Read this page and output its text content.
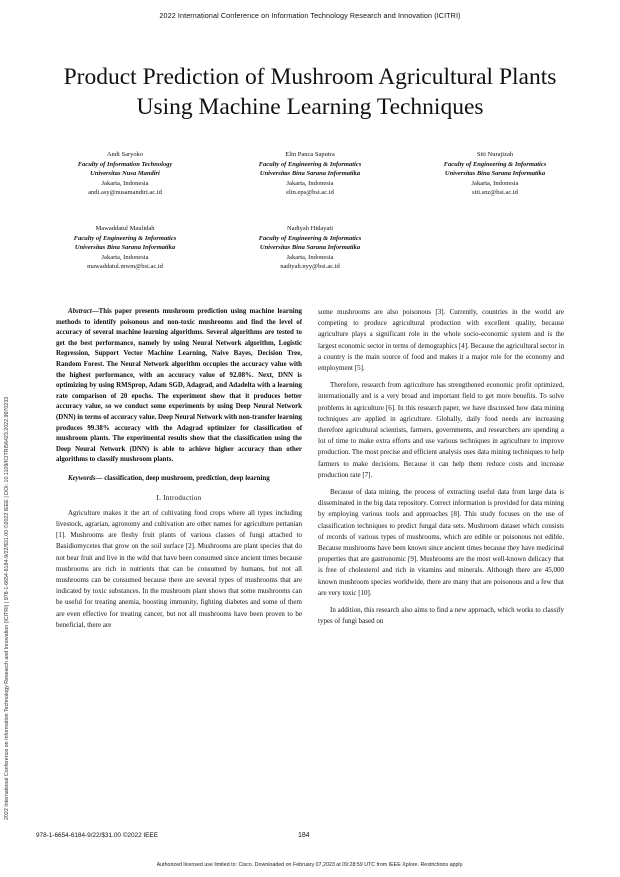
2022 International Conference on Information Technology Research and Innovation (ICITRI)
2022 International Conference on Information Technology Research and Innovation (ICITRI) | 978-1-6654-6184-9/22/$31.00 ©2022 IEEE | DOI: 10.1109/ICITRI56423.2022.9970233
Product Prediction of Mushroom Agricultural Plants Using Machine Learning Techniques
Andi Saryoko
Faculty of Information Technology
Universitas Nusa Mandiri
Jakarta, Indonesia
andi.asy@nusamandiri.ac.id
Elin Panca Saputra
Faculty of Engineering & Informatics
Universitas Bina Sarana Informatika
Jakarta, Indonesia
elin.eps@bsi.ac.id
Siti Nurajizah
Faculty of Engineering & Informatics
Universitas Bina Sarana Informatika
Jakarta, Indonesia
siti.snz@bsi.ac.id
Mawaddatul Maulidah
Faculty of Engineering & Informatics
Universitas Bina Sarana Informatika
Jakarta, Indonesia
mawaddatul.mwm@bsi.ac.id
Nadiyah Hidayati
Faculty of Engineering & Informatics
Universitas Bina Sarana Informatika
Jakarta, Indonesia
nadiyah.nyy@bsi.ac.id

Abstract—This paper presents mushroom prediction using machine learning methods to identify poisonous and non-toxic mushrooms and find the level of accuracy of several machine learning algorithms. Several algorithms are tested to get the best performance, namely by using Neural Network algorithm, Logistic Regression, Support Vector Machine Learning, Naive Bayes, Decision Tree, Random Forest. The Neural Network algorithm occupies the accuracy value with the highest performance, with an accuracy value of 92.08%. Next, DNN is optimizing by using RMSprop, Adam SGD, Adagrad, and Adadelta with a learning rate comparison of 20 epochs. The experiment show that it produces better accuracy value, so we conduct some experiments by using Deep Neural Network (DNN) in terms of accuracy value. Deep Neural Network with non-transfer learning produces 99.38% accuracy with the Adagrad optimizer for classification of mushroom plants. The experimental results show that the classification using the Deep Neural Network (DNN) is able to achieve higher accuracy than other algorithms to classify mushroom plants.

Keywords— classification, deep mushroom, prediction, deep learning

I. Introduction

Agriculture makes it the art of cultivating food crops where all types including livestock, agrarian, agronomy and cultivation are other names for agriculture pertanian [1]. Mushrooms are fleshy fruit plants of various classes of fungi attached to Basidiomycetes that grow on the soil surface [2]. Mushrooms are plant species that do not bear fruit and live in the wild that have been consumed since ancient times because mushrooms are rich in nutrients that can be consumed by humans, but not all mushrooms can be consumed because there are several types of mushrooms that are indicated by toxic substances. In the mushroom plant shows that some mushrooms can be useful for treating anemia, boosting immunity, fighting diabetes and some of them are even effective for treating cancer, but not all mushrooms have been proven to be beneficial, there are

some mushrooms are also poisonous [3]. Currently, countries in the world are competing to produce agricultural production with excellent quality, because agriculture plays a significant role in the whole socio-economic system and is the largest economic sector in terms of demographics [4]. Because the agricultural sector in a country is the main source of food and makes it a major role for the economy and employment [5].

Therefore, research from agriculture has strengthened economic profit optimized, internationally and is a very broad and important field to get more benefits. To solve problems in agriculture [6]. In this research paper, we have discussed how data mining techniques are applied in agriculture. Globally, daily food needs are increasing therefore agricultural scientists, farmers, governments, and researchers are spending a lot of time to make extra efforts and use various techniques in agriculture to improve production. The most precise and efficient analysis uses data mining techniques to help farmers to make decisions. Because it can help them reduce costs and increase production rate [7].

Because of data mining, the process of extracting useful data from large data is disseminated in the big data repository. Correct information is provided for data mining by employing various tools and approaches [8]. This study focuses on the use of classification techniques to predict fungal data sets. Mushroom dataset which consists of records of various types of mushrooms, which are edible or poisonous not edible. Because mushrooms have been known since ancient times because they have medicinal properties that are gastronomic [9]. Mushrooms are the most well-known delicacy that is free of cholesterol and rich in vitamins and minerals. Although there are 45,000 known mushroom species worldwide, there are many that are poisonous and a few that are very toxic [10].

In addition, this research also aims to find a new approach, which works to classify types of fungi based on

978-1-6654-6184-9/22/$31.00 ©2022 IEEE	184
Authorized licensed use limited to: Cisco. Downloaded on February 07,2023 at 09:28:59 UTC from IEEE Xplore. Restrictions apply.
